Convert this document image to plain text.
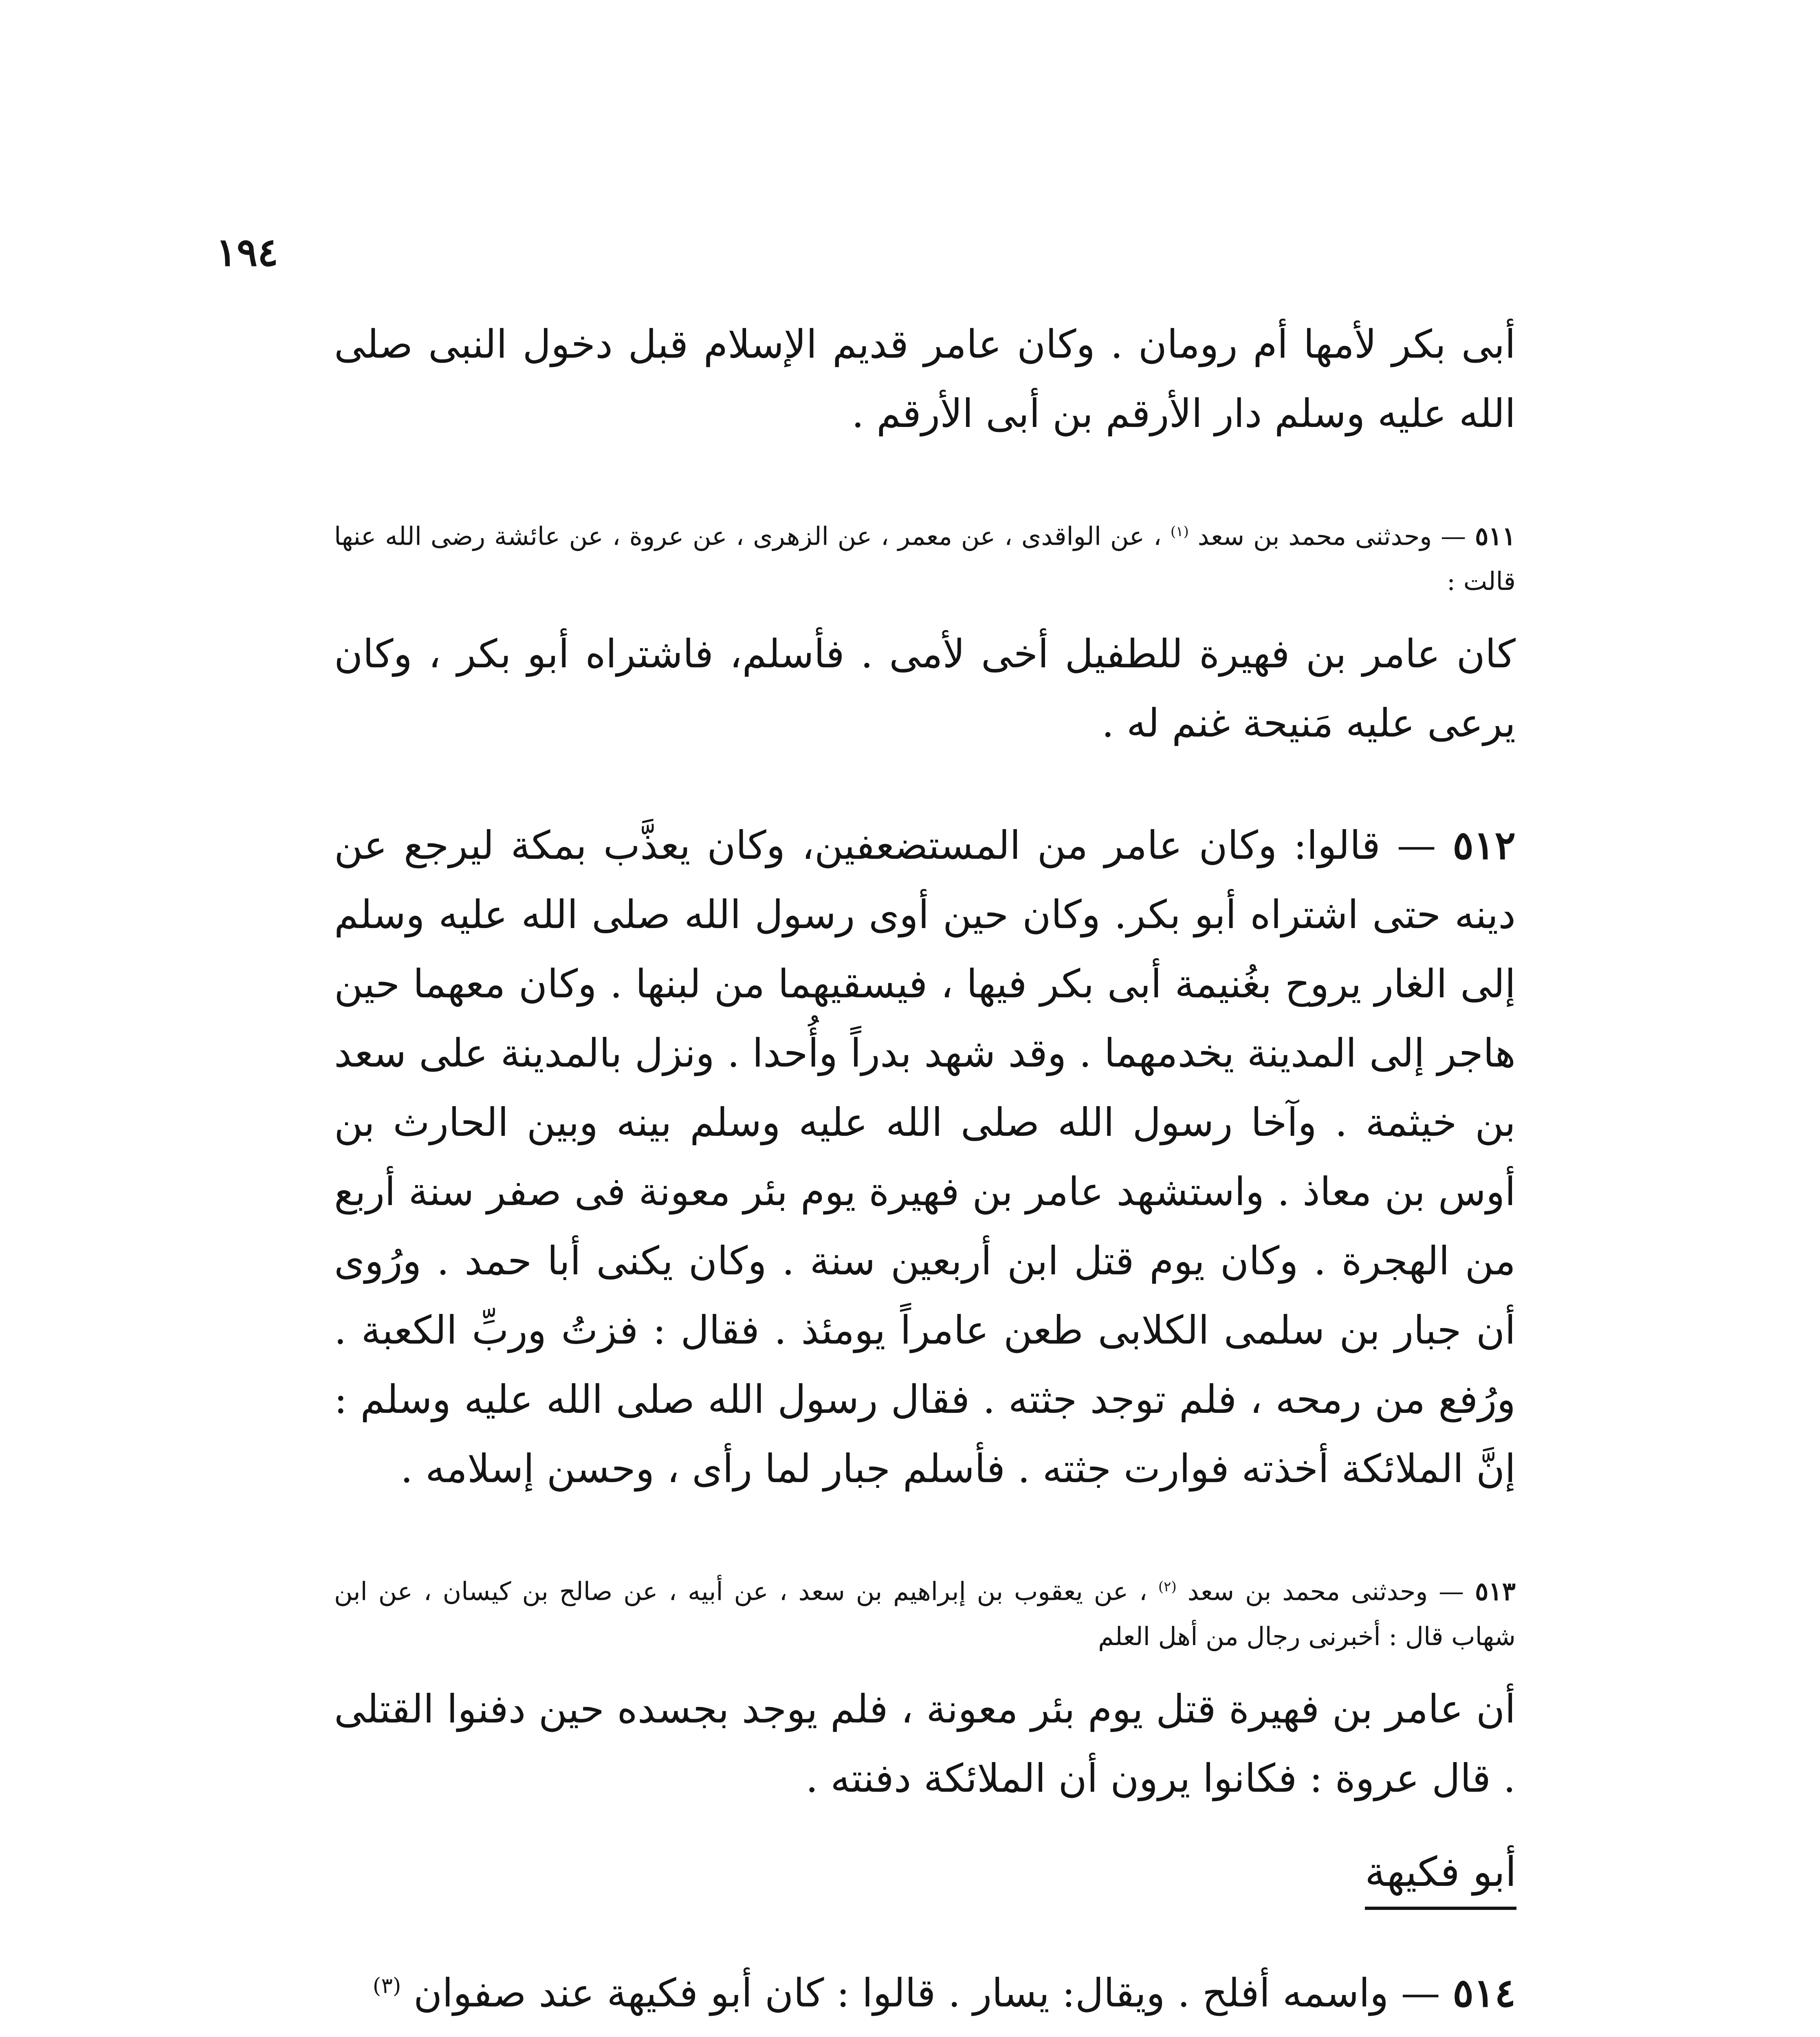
١٩٤
أبى بكر لأمها أم رومان . وكان عامر قديم الإسلام قبل دخول النبى صلى الله عليه وسلم دار الأرقم بن أبى الأرقم .
٥١١ — وحدثنى محمد بن سعد $^{(١)}$ ، عن الواقدى ، عن معمر ، عن الزهرى ، عن عروة ، عن عائشة رضى الله عنها قالت :
كان عامر بن فهيرة للطفيل أخى لأمى . فأسلم، فاشتراه أبو بكر ، وكان يرعى عليه مَنيحة غنم له .
٥١٢ — قالوا: وكان عامر من المستضعفين، وكان يعذَّب بمكة ليرجع عن دينه حتى اشتراه أبو بكر. وكان حين أوى رسول الله صلى الله عليه وسلم إلى الغار يروح بغُنيمة أبى بكر فيها ، فيسقيهما من لبنها . وكان معهما حين هاجر إلى المدينة يخدمهما . وقد شهد بدراً وأُحدا . ونزل بالمدينة على سعد بن خيثمة . وآخا رسول الله صلى الله عليه وسلم بينه وبين الحارث بن أوس بن معاذ . واستشهد عامر بن فهيرة يوم بئر معونة فى صفر سنة أربع من الهجرة . وكان يوم قتل ابن أربعين سنة . وكان يكنى أبا حمد . ورُوى أن جبار بن سلمى الكلابى طعن عامراً يومئذ . فقال : فزتُ وربِّ الكعبة . ورُفع من رمحه ، فلم توجد جثته . فقال رسول الله صلى الله عليه وسلم : إنَّ الملائكة أخذته فوارت جثته . فأسلم جبار لما رأى ، وحسن إسلامه .
٥١٣ — وحدثنى محمد بن سعد $^{(٢)}$ ، عن يعقوب بن إبراهيم بن سعد ، عن أبيه ، عن صالح بن كيسان ، عن ابن شهاب قال : أخبرنى رجال من أهل العلم
أن عامر بن فهيرة قتل يوم بئر معونة ، فلم يوجد بجسده حين دفنوا القتلى . قال عروة : فكانوا يرون أن الملائكة دفنته .
أبو فكيهة
٥١٤ — واسمه أفلح . ويقال: يسار . قالوا : كان أبو فكيهة عند صفوان $^{(٣)}$
